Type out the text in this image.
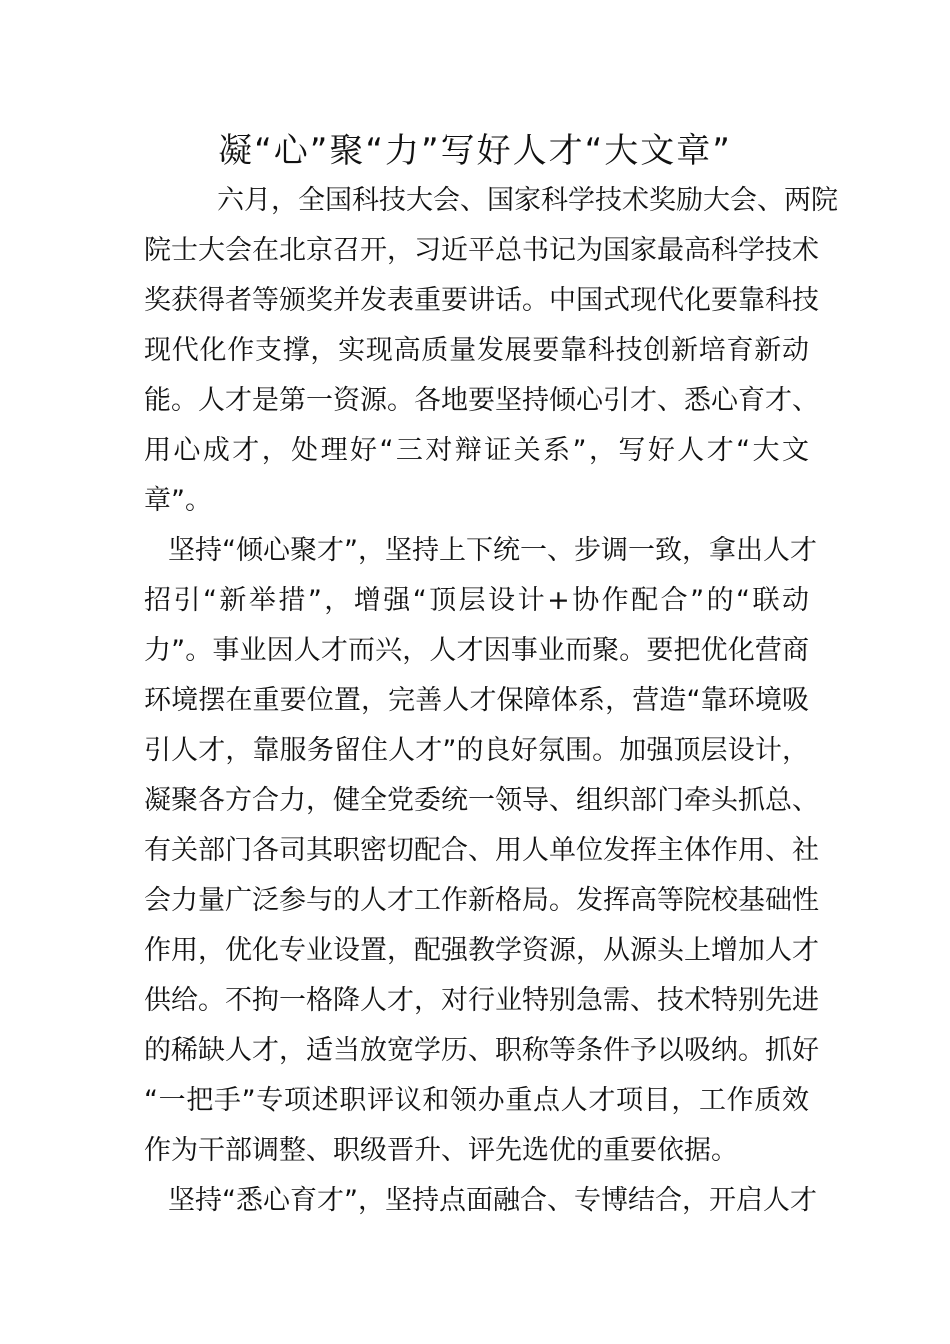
凝“心”聚“力”写好人才“大文章”
六月，全国科技大会、国家科学技术奖励大会、两院
院士大会在北京召开，习近平总书记为国家最高科学技术
奖获得者等颁奖并发表重要讲话。中国式现代化要靠科技
现代化作支撑，实现高质量发展要靠科技创新培育新动
能。人才是第一资源。各地要坚持倾心引才、悉心育才、
用心成才，处理好“三对辩证关系”，写好人才“大文
章”。
坚持“倾心聚才”，坚持上下统一、步调一致，拿出人才
招引“新举措”，增强“顶层设计+协作配合”的“联动
力”。事业因人才而兴，人才因事业而聚。要把优化营商
环境摆在重要位置，完善人才保障体系，营造“靠环境吸
引人才，靠服务留住人才”的良好氛围。加强顶层设计，
凝聚各方合力，健全党委统一领导、组织部门牵头抓总、
有关部门各司其职密切配合、用人单位发挥主体作用、社
会力量广泛参与的人才工作新格局。发挥高等院校基础性
作用，优化专业设置，配强教学资源，从源头上增加人才
供给。不拘一格降人才，对行业特别急需、技术特别先进
的稀缺人才，适当放宽学历、职称等条件予以吸纳。抓好
“一把手”专项述职评议和领办重点人才项目，工作质效
作为干部调整、职级晋升、评先选优的重要依据。
坚持“悉心育才”，坚持点面融合、专博结合，开启人才
